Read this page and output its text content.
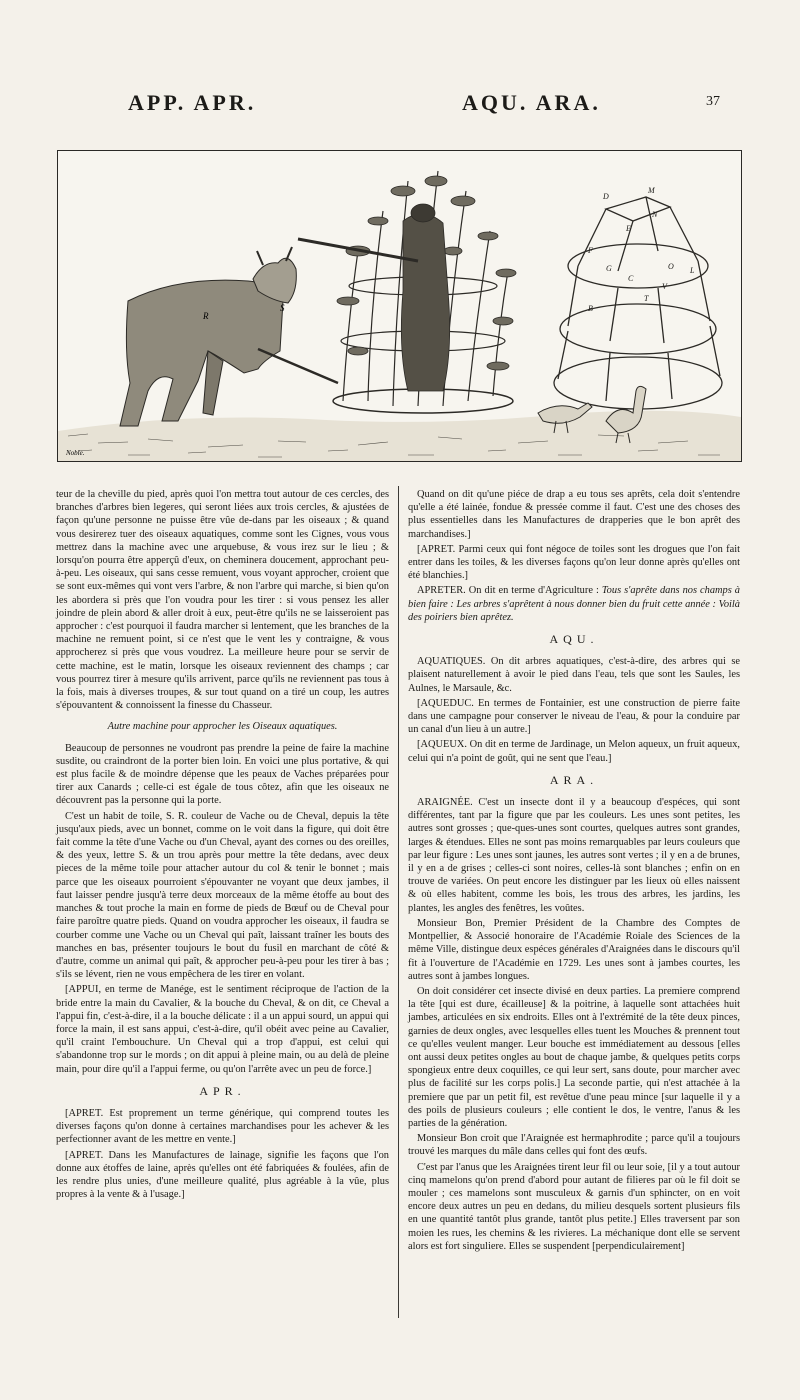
APP. APR.	AQU. ARA.	37
R
S
D
M
E
N
F
G	O L
C
B
T
V
Noble.

teur de la cheville du pied, après quoi l'on mettra tout autour de ces cercles, des branches d'arbres bien legeres, qui seront liées aux trois cercles, & ajustées de façon qu'une personne ne puisse être vûe de-dans par les oiseaux ; & quand vous desirerez tuer des oiseaux aquatiques, comme sont les Cignes, vous vous mettrez dans la machine avec une arquebuse, & vous irez sur le lieu ; & lorsqu'on pourra être apperçû d'eux, on cheminera doucement, approchant peu-à-peu. Les oiseaux, qui sans cesse remuent, vous voyant approcher, croient que se sont eux-mêmes qui vont vers l'arbre, & non l'arbre qui marche, si bien qu'on les abordera si près que l'on voudra pour les tirer : si vous pensez les aller joindre de plein abord & aller droit à eux, peut-être qu'ils ne se laisseroient pas approcher : c'est pourquoi il faudra marcher si lentement, que les branches de la machine ne remuent point, si ce n'est que le vent les y contraigne, & vous approcherez si près que vous voudrez. La meilleure heure pour se servir de cette machine, est le matin, lorsque les oiseaux reviennent des champs ; car vous pourrez tirer à mesure qu'ils arrivent, parce qu'ils ne reviennent pas tous à la fois, mais à diverses troupes, & sur tout quand on a tiré un coup, les autres s'épouvantent & connoissent la finesse du Chasseur.

Autre machine pour approcher les Oiseaux aquatiques.

Beaucoup de personnes ne voudront pas prendre la peine de faire la machine susdite, ou craindront de la porter bien loin. En voici une plus portative, & qui est plus facile & de moindre dépense que les peaux de Vaches préparées pour tirer aux Canards ; celle-ci est égale de tous côtez, afin que les oiseaux ne découvrent pas la personne qui la porte.

C'est un habit de toile, S. R. couleur de Vache ou de Cheval, depuis la tête jusqu'aux pieds, avec un bonnet, comme on le voit dans la figure, qui doit être fait comme la tête d'une Vache ou d'un Cheval, ayant des cornes ou des oreilles, & des yeux, lettre S. & un trou après pour mettre la tête dedans, avec deux pieces de la même toile pour attacher autour du col & tenir le bonnet ; mais parce que les oiseaux pourroient s'épouvanter ne voyant que deux jambes, il faut laisser pendre jusqu'à terre deux morceaux de la même étoffe au bout des manches & tout proche la main en forme de pieds de Bœuf ou de Cheval pour faire paroître quatre pieds. Quand on voudra approcher les oiseaux, il faudra se courber comme une Vache ou un Cheval qui paît, laissant traîner les bouts des manches en bas, présenter toujours le bout du fusil en marchant de côté & d'autre, comme un animal qui paît, & approcher peu-à-peu pour les tirer à bas ; s'ils se lévent, rien ne vous empêchera de les tirer en volant.

[APPUI, en terme de Manége, est le sentiment réciproque de l'action de la bride entre la main du Cavalier, & la bouche du Cheval, & on dit, ce Cheval a l'appui fin, c'est-à-dire, il a la bouche délicate : il a un appui sourd, un appui qui force la main, il est sans appui, c'est-à-dire, qu'il obéit avec peine au Cavalier, qu'il craint l'embouchure. Un Cheval qui a trop d'appui, est celui qui s'abandonne trop sur le mords ; on dit appui à pleine main, ou au delà de pleine main, pour dire qu'il a l'appui ferme, ou qu'on l'arrête avec un peu de force.]

APR.

[APRET. Est proprement un terme générique, qui comprend toutes les diverses façons qu'on donne à certaines marchandises pour les achever & les perfectionner avant de les mettre en vente.]

[APRET. Dans les Manufactures de lainage, signifie les façons que l'on donne aux étoffes de laine, après qu'elles ont été fabriquées & foulées, afin de les rendre plus unies, d'une meilleure qualité, plus agréable à la vûe, plus propres à la vente & à l'usage.]

Quand on dit qu'une piéce de drap a eu tous ses aprêts, cela doit s'entendre qu'elle a été lainée, fondue & pressée comme il faut. C'est une des choses des plus essentielles dans les Manufactures de drapperies que le bon aprêt des marchandises.]

[APRET. Parmi ceux qui font négoce de toiles sont les drogues que l'on fait entrer dans les toiles, & les diverses façons qu'on leur donne après qu'elles ont été blanchies.]

APRETER. On dit en terme d'Agriculture : Tous s'aprête dans nos champs à bien faire : Les arbres s'aprêtent à nous donner bien du fruit cette année : Voilà des poiriers bien aprêtez.

AQU.

AQUATIQUES. On dit arbres aquatiques, c'est-à-dire, des arbres qui se plaisent naturellement à avoir le pied dans l'eau, tels que sont les Saules, les Aulnes, le Marsaule, &c.

[AQUEDUC. En termes de Fontainier, est une construction de pierre faite dans une campagne pour conserver le niveau de l'eau, & pour la conduire par un canal d'un lieu à un autre.]

[AQUEUX. On dit en terme de Jardinage, un Melon aqueux, un fruit aqueux, celui qui n'a point de goût, qui ne sent que l'eau.]

ARA.

ARAIGNÉE. C'est un insecte dont il y a beaucoup d'espéces, qui sont différentes, tant par la figure que par les couleurs. Les unes sont petites, les autres sont grosses ; que-ques-unes sont courtes, quelques autres sont grandes, larges & étendues. Elles ne sont pas moins remarquables par leurs couleurs que par leur figure : Les unes sont jaunes, les autres sont vertes ; il y en a de brunes, il y en a de grises ; celles-ci sont noires, celles-là sont blanches ; enfin on en trouve de variées. On peut encore les distinguer par les lieux où elles naissent & où elles habitent, comme les bois, les trous des arbres, les jardins, les plantes, les angles des fenêtres, les voûtes.

Monsieur Bon, Premier Président de la Chambre des Comptes de Montpellier, & Associé honoraire de l'Académie Roiale des Sciences de la même Ville, distingue deux espéces générales d'Araignées dans le discours qu'il fit à l'ouverture de l'Académie en 1729. Les unes sont à jambes courtes, les autres sont à jambes longues.

On doit considérer cet insecte divisé en deux parties. La premiere comprend la tête [qui est dure, écailleuse] & la poitrine, à laquelle sont attachées huit jambes, articulées en six endroits. Elles ont à l'extrémité de la tête deux pinces, garnies de deux ongles, avec lesquelles elles tuent les Mouches & prennent tout ce qu'elles veulent manger. Leur bouche est immédiatement au dessous [elles ont aussi deux petites ongles au bout de chaque jambe, & quelques petits corps spongieux entre deux coquilles, ce qui leur sert, sans doute, pour marcher avec plus de facilité sur les corps polis.] La seconde partie, qui n'est attachée à la premiere que par un petit fil, est revêtue d'une peau mince [sur laquelle il y a des poils de plusieurs couleurs ; elle contient le dos, le ventre, l'anus & les parties de la génération.

Monsieur Bon croit que l'Araignée est hermaphrodite ; parce qu'il a toujours trouvé les marques du mâle dans celles qui font des œufs.

C'est par l'anus que les Araignées tirent leur fil ou leur soie, [il y a tout autour cinq mamelons qu'on prend d'abord pour autant de filieres par où le fil doit se mouler ; ces mamelons sont musculeux & garnis d'un sphincter, on en voit encore deux autres un peu en dedans, du milieu desquels sortent plusieurs fils en une quantité tantôt plus grande, tantôt plus petite.] Elles traversent par son moien les rues, les chemins & les rivieres. La méchanique dont elle se servent alors est fort singuliere. Elles se suspendent [perpendiculairement]
